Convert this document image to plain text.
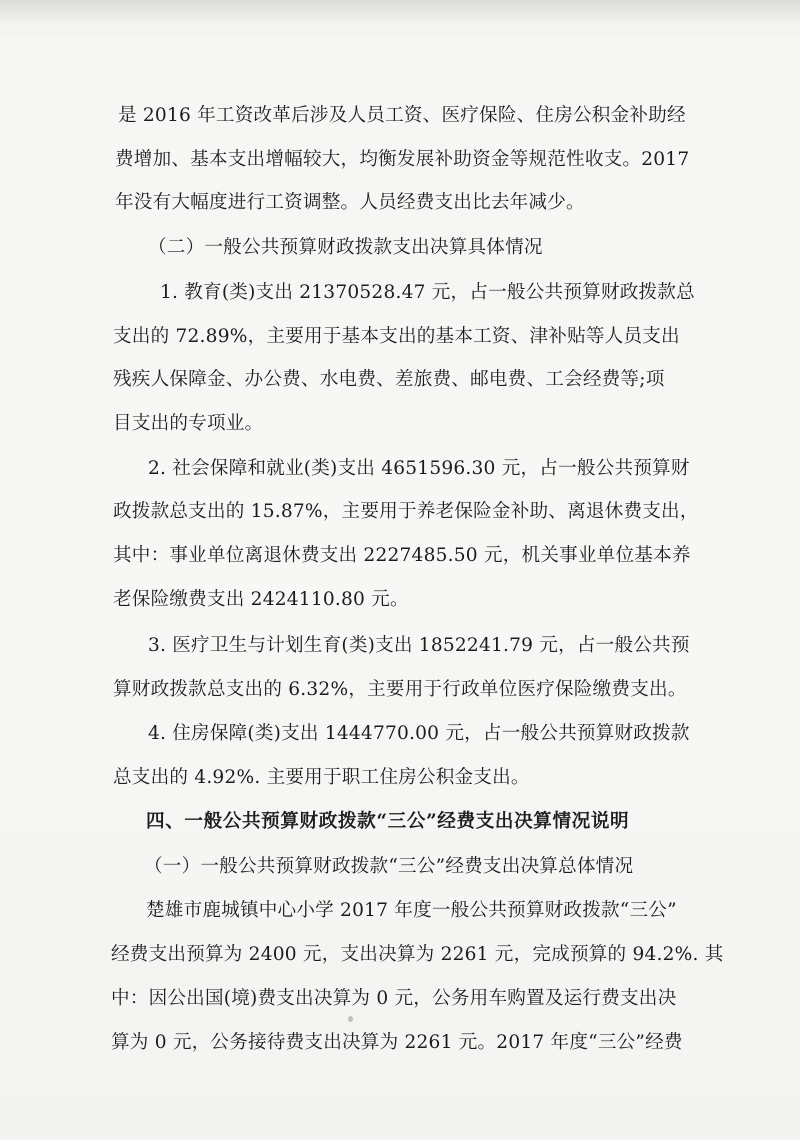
是 2016 年工资改革后涉及人员工资、医疗保险、住房公积金补助经
费增加、基本支出增幅较大，均衡发展补助资金等规范性收支。2017
年没有大幅度进行工资调整。人员经费支出比去年减少。
（二）一般公共预算财政拨款支出决算具体情况
1. 教育(类)支出 21370528.47 元，占一般公共预算财政拨款总
支出的 72.89%，主要用于基本支出的基本工资、津补贴等人员支出
残疾人保障金、办公费、水电费、差旅费、邮电费、工会经费等;项
目支出的专项业。
2. 社会保障和就业(类)支出 4651596.30 元，占一般公共预算财
政拨款总支出的 15.87%，主要用于养老保险金补助、离退休费支出，
其中：事业单位离退休费支出 2227485.50 元，机关事业单位基本养
老保险缴费支出 2424110.80 元。
3. 医疗卫生与计划生育(类)支出 1852241.79 元，占一般公共预
算财政拨款总支出的 6.32%，主要用于行政单位医疗保险缴费支出。
4. 住房保障(类)支出 1444770.00 元，占一般公共预算财政拨款
总支出的 4.92%. 主要用于职工住房公积金支出。
四、一般公共预算财政拨款“三公”经费支出决算情况说明
（一）一般公共预算财政拨款“三公”经费支出决算总体情况
楚雄市鹿城镇中心小学 2017 年度一般公共预算财政拨款“三公”
经费支出预算为 2400 元，支出决算为 2261 元，完成预算的 94.2%. 其
中：因公出国(境)费支出决算为 0 元，公务用车购置及运行费支出决
算为 0 元，公务接待费支出决算为 2261 元。2017 年度“三公”经费
